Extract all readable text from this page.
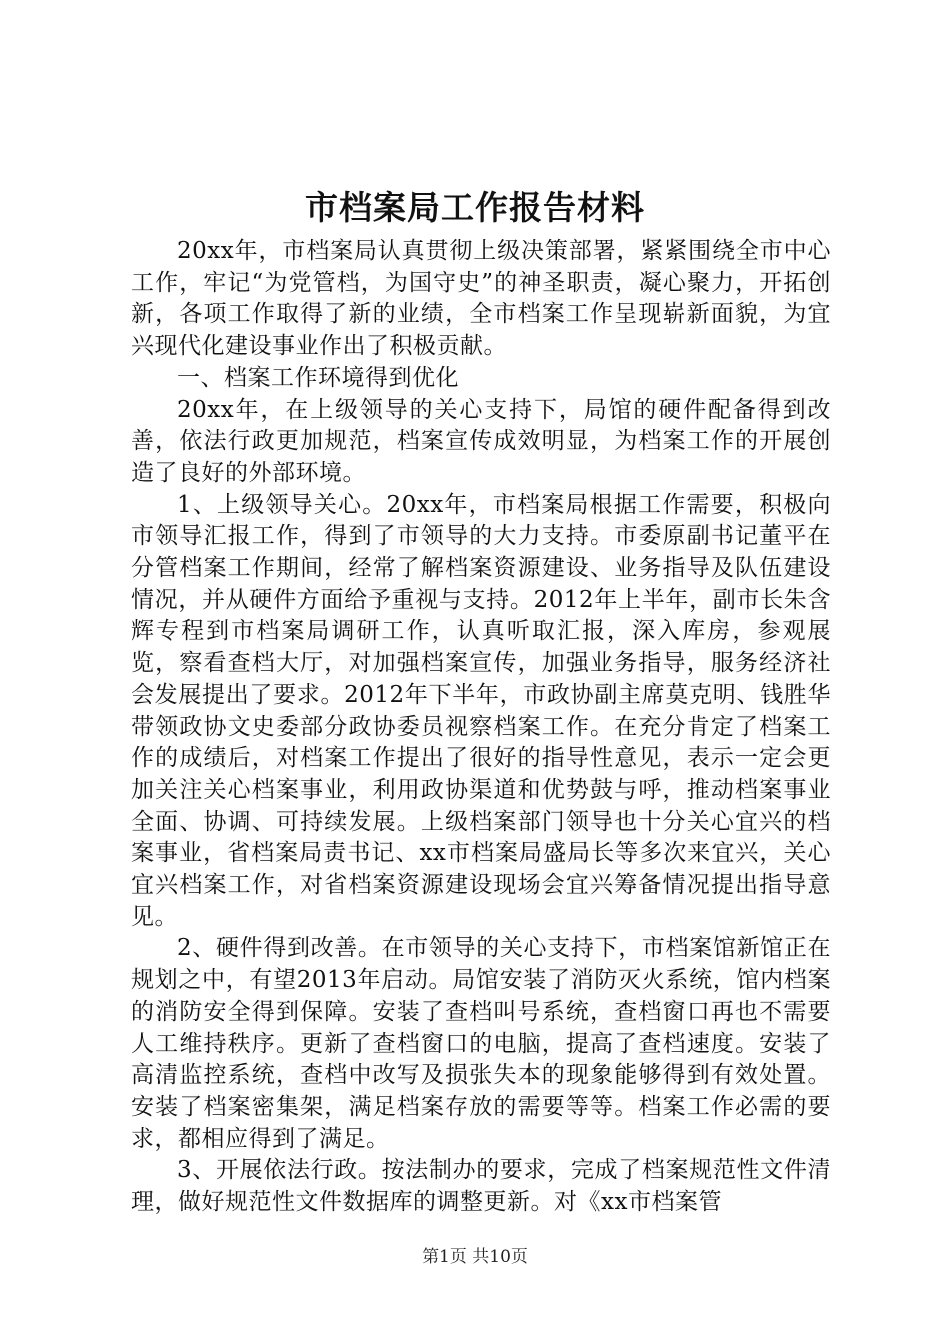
市档案局工作报告材料

20xx年，市档案局认真贯彻上级决策部署，紧紧围绕全市中心工作，牢记“为党管档，为国守史”的神圣职责，凝心聚力，开拓创新，各项工作取得了新的业绩，全市档案工作呈现崭新面貌，为宜兴现代化建设事业作出了积极贡献。

一、档案工作环境得到优化

20xx年，在上级领导的关心支持下，局馆的硬件配备得到改善，依法行政更加规范，档案宣传成效明显，为档案工作的开展创造了良好的外部环境。

1、上级领导关心。20xx年，市档案局根据工作需要，积极向市领导汇报工作，得到了市领导的大力支持。市委原副书记董平在分管档案工作期间，经常了解档案资源建设、业务指导及队伍建设情况，并从硬件方面给予重视与支持。2012年上半年，副市长朱含辉专程到市档案局调研工作，认真听取汇报，深入库房，参观展览，察看查档大厅，对加强档案宣传，加强业务指导，服务经济社会发展提出了要求。2012年下半年，市政协副主席莫克明、钱胜华带领政协文史委部分政协委员视察档案工作。在充分肯定了档案工作的成绩后，对档案工作提出了很好的指导性意见，表示一定会更加关注关心档案事业，利用政协渠道和优势鼓与呼，推动档案事业全面、协调、可持续发展。上级档案部门领导也十分关心宜兴的档案事业，省档案局责书记、xx市档案局盛局长等多次来宜兴，关心宜兴档案工作，对省档案资源建设现场会宜兴筹备情况提出指导意见。

2、硬件得到改善。在市领导的关心支持下，市档案馆新馆正在规划之中，有望2013年启动。局馆安装了消防灭火系统，馆内档案的消防安全得到保障。安装了查档叫号系统，查档窗口再也不需要人工维持秩序。更新了查档窗口的电脑，提高了查档速度。安装了高清监控系统，查档中改写及损张失本的现象能够得到有效处置。安装了档案密集架，满足档案存放的需要等等。档案工作必需的要求，都相应得到了满足。

3、开展依法行政。按法制办的要求，完成了档案规范性文件清理，做好规范性文件数据库的调整更新。对《xx市档案管

第1页 共10页
